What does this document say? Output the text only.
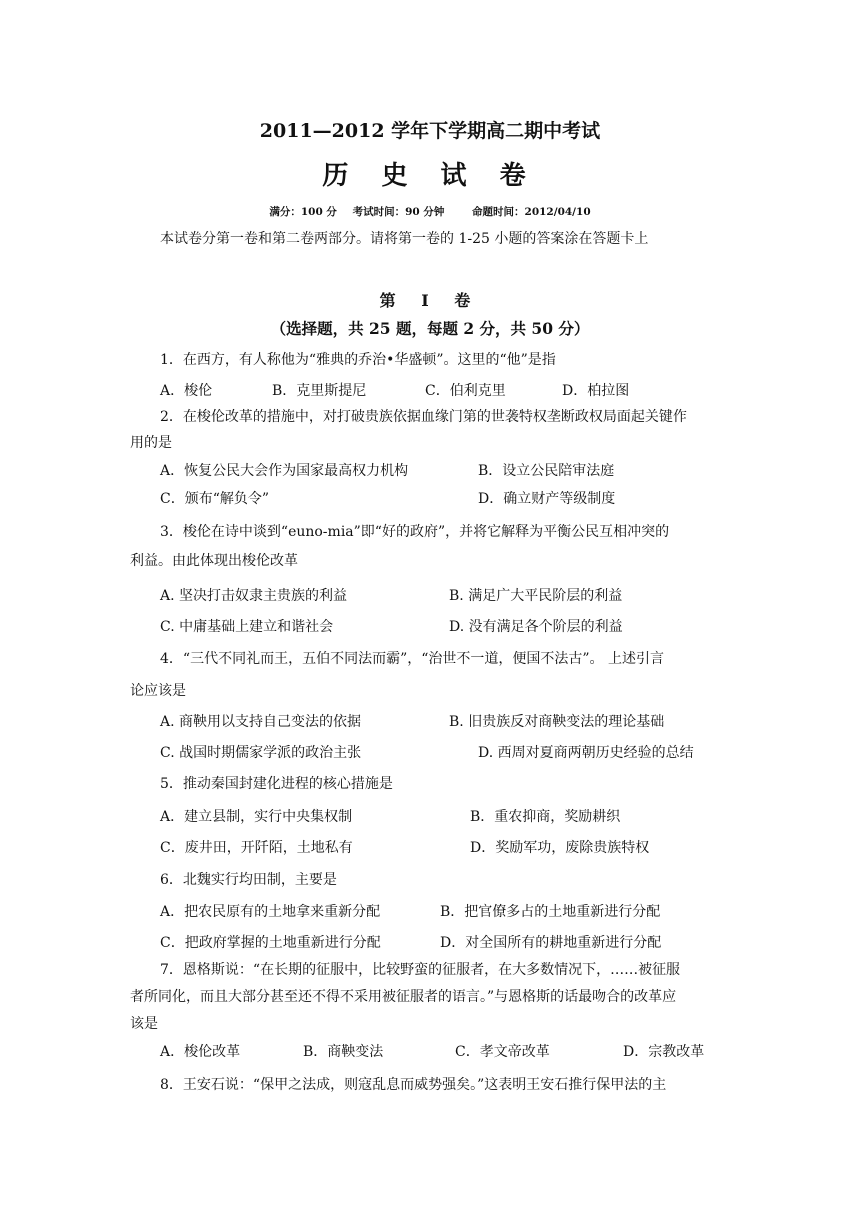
2011—2012 学年下学期高二期中考试
历 史 试 卷
满分：100 分 考试时间：90 分钟	命题时间：2012/04/10
本试卷分第一卷和第二卷两部分。请将第一卷的 1-25 小题的答案涂在答题卡上
第 Ⅰ 卷
（选择题，共 25 题，每题 2 分，共 50 分）
1．在西方，有人称他为“雅典的乔治•华盛顿”。这里的“他”是指
A．梭伦	B．克里斯提尼	C．伯利克里	D．柏拉图
2．在梭伦改革的措施中，对打破贵族依据血缘门第的世袭特权垄断政权局面起关键作
用的是
A．恢复公民大会作为国家最高权力机构	B．设立公民陪审法庭
C．颁布“解负令”	D．确立财产等级制度
3．梭伦在诗中谈到“euno-mia”即“好的政府”，并将它解释为平衡公民互相冲突的
利益。由此体现出梭伦改革
A. 坚决打击奴隶主贵族的利益	B. 满足广大平民阶层的利益
C. 中庸基础上建立和谐社会	D. 没有满足各个阶层的利益
4．“三代不同礼而王，五伯不同法而霸”，“治世不一道，便国不法古”。 上述引言
论应该是
A. 商鞅用以支持自己变法的依据	B. 旧贵族反对商鞅变法的理论基础
C. 战国时期儒家学派的政治主张	D. 西周对夏商两朝历史经验的总结
5．推动秦国封建化进程的核心措施是
A．建立县制，实行中央集权制	B．重农抑商，奖励耕织
C．废井田，开阡陌，土地私有	D．奖励军功，废除贵族特权
6．北魏实行均田制，主要是
A．把农民原有的土地拿来重新分配	B．把官僚多占的土地重新进行分配
C．把政府掌握的土地重新进行分配	D．对全国所有的耕地重新进行分配
7．恩格斯说：“在长期的征服中，比较野蛮的征服者，在大多数情况下，……被征服
者所同化，而且大部分甚至还不得不采用被征服者的语言。”与恩格斯的话最吻合的改革应
该是
A．梭伦改革	B．商鞅变法	C．孝文帝改革	D．宗教改革
8．王安石说：“保甲之法成，则寇乱息而威势强矣。”这表明王安石推行保甲法的主
